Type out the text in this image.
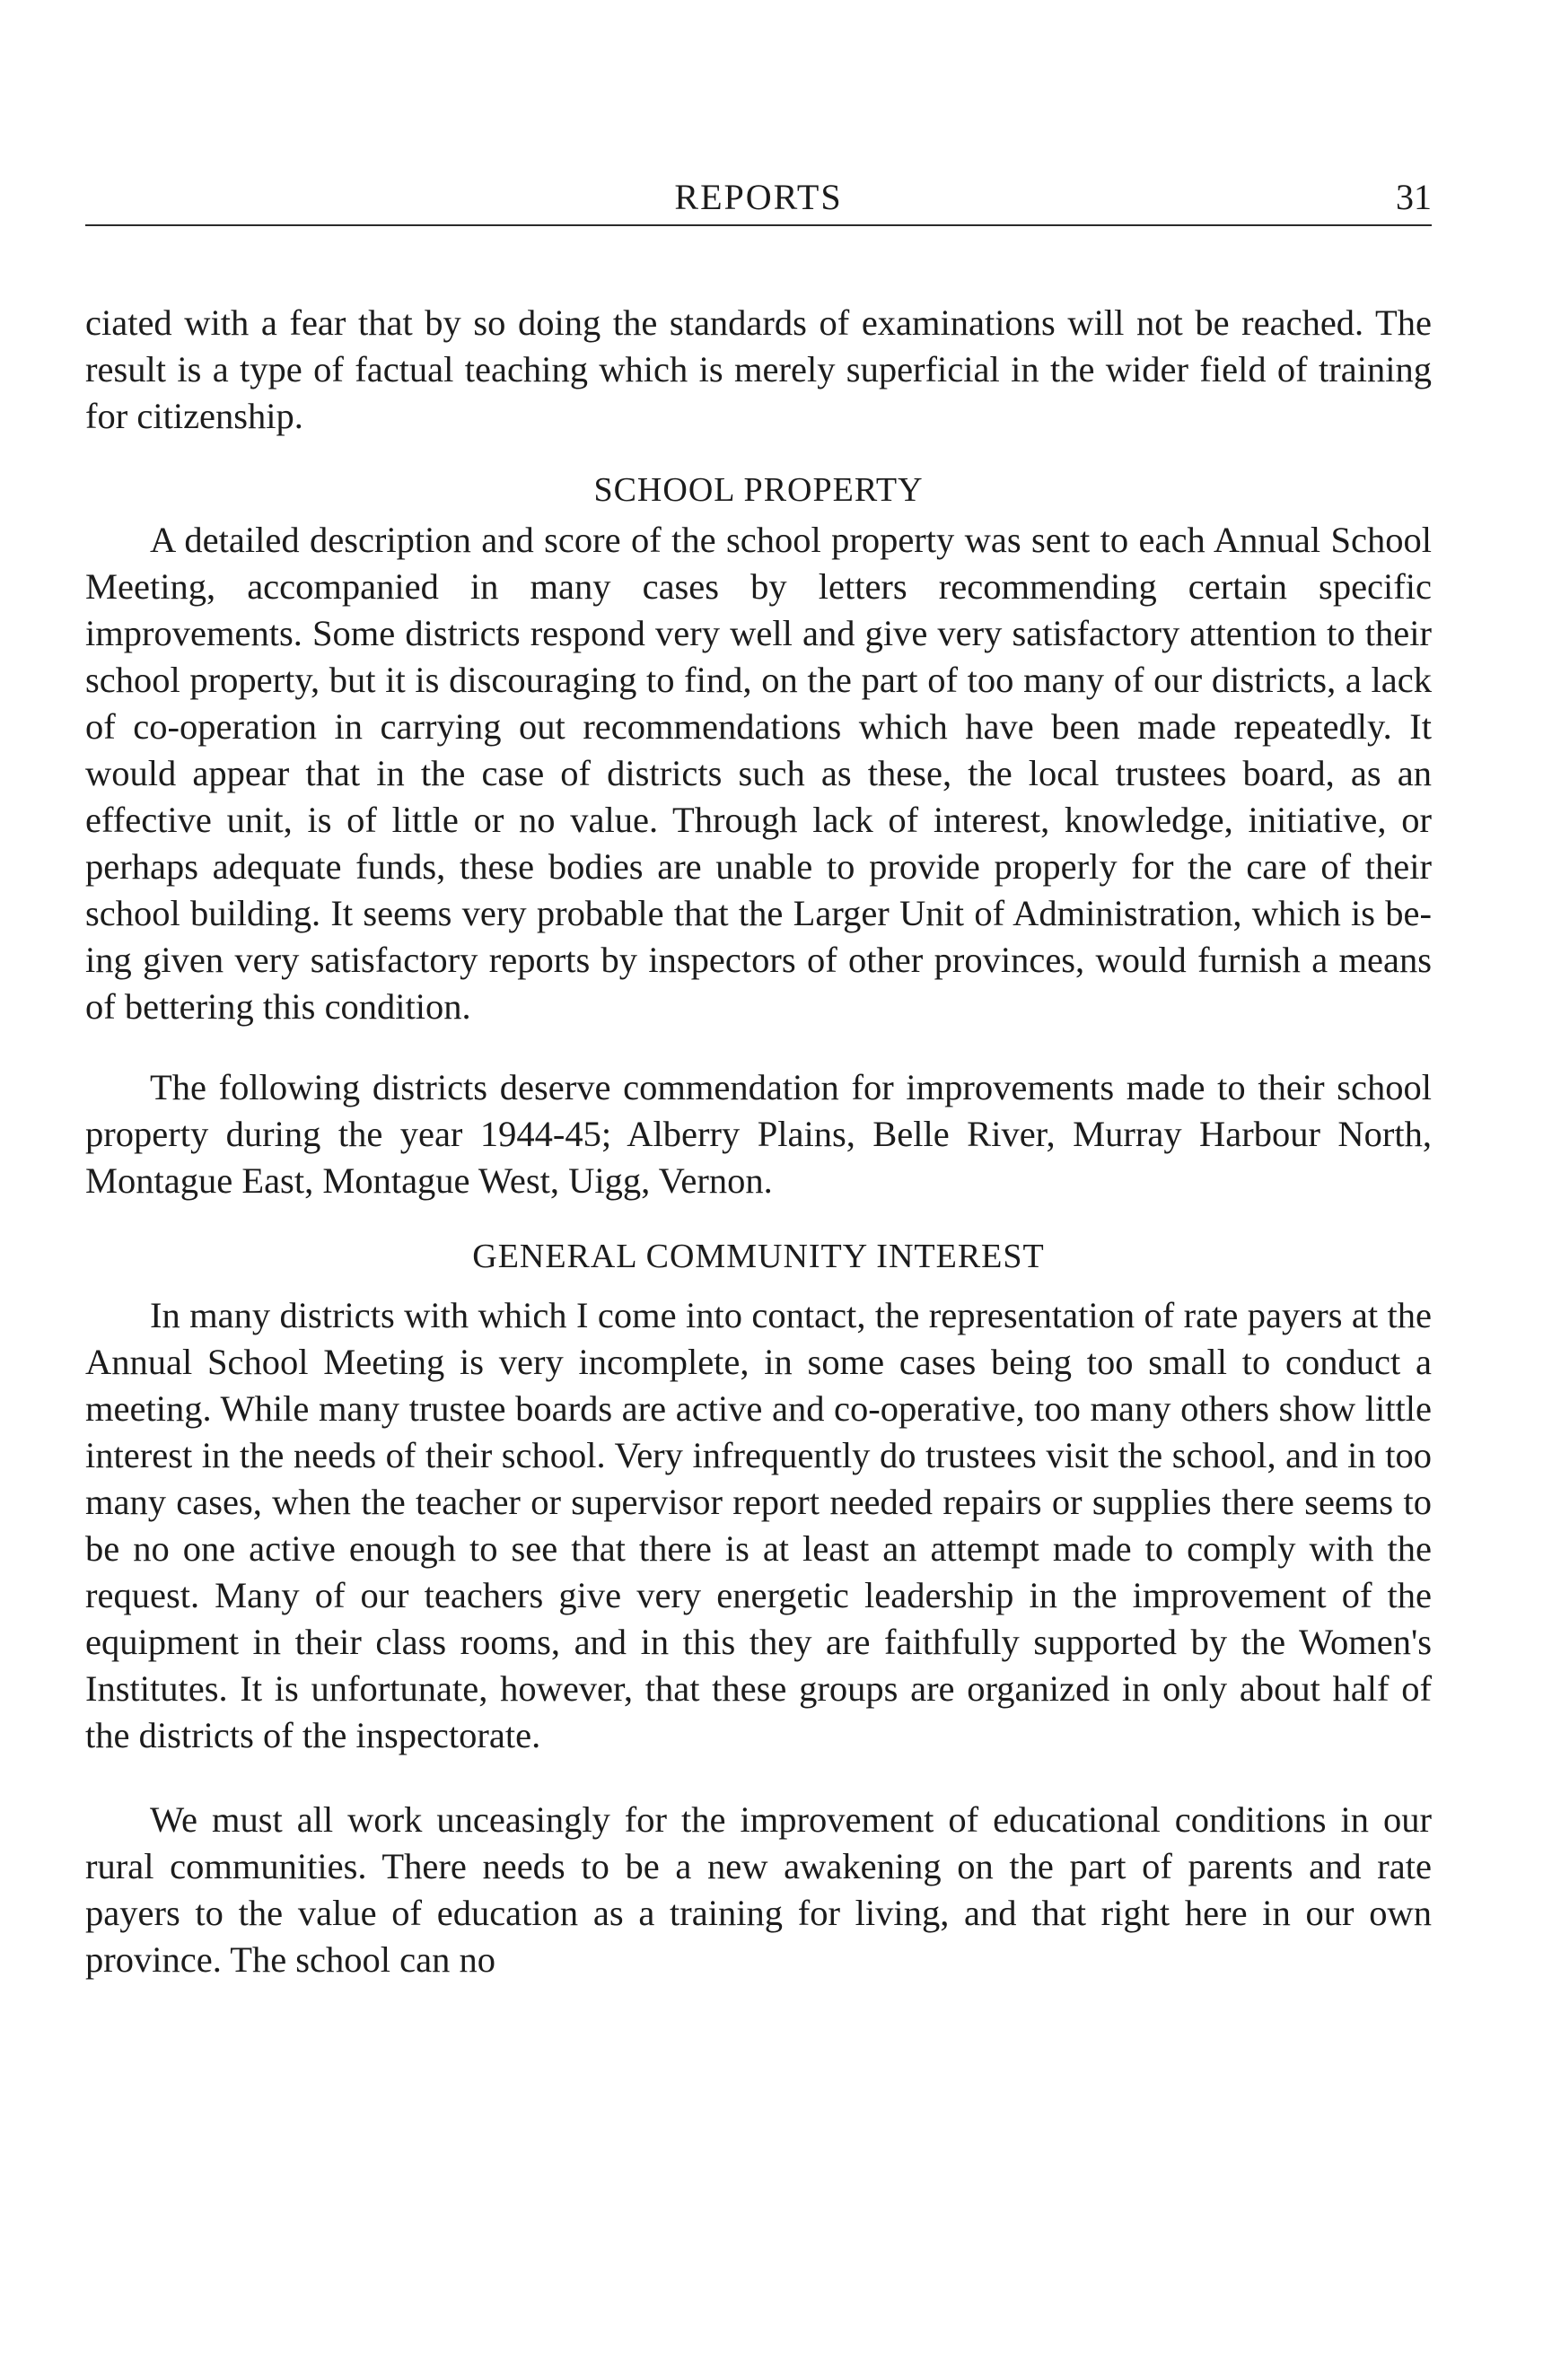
REPORTS	31

ciated with a fear that by so doing the standards of examinations will not be reached. The result is a type of factual teaching which is merely superficial in the wider field of training for citizenship.

SCHOOL PROPERTY

A detailed description and score of the school property was sent to each Annual School Meeting, accompanied in many cases by letters recommending certain specific improvements. Some districts respond very well and give very satisfactory attention to their school property, but it is discouraging to find, on the part of too many of our districts, a lack of co-operation in carrying out recommendations which have been made repeatedly. It would appear that in the case of districts such as these, the local trustees board, as an effective unit, is of little or no value. Through lack of interest, knowledge, initiative, or perhaps adequate funds, these bodies are unable to provide properly for the care of their school building. It seems very probable that the Larger Unit of Administration, which is being given very satisfactory reports by inspectors of other provinces, would furnish a means of bettering this condition.

The following districts deserve commendation for improvements made to their school property during the year 1944-45; Alberry Plains, Belle River, Murray Harbour North, Montague East, Montague West, Uigg, Vernon.

GENERAL COMMUNITY INTEREST

In many districts with which I come into contact, the representation of rate payers at the Annual School Meeting is very incomplete, in some cases being too small to conduct a meeting. While many trustee boards are active and co-operative, too many others show little interest in the needs of their school. Very infrequently do trustees visit the school, and in too many cases, when the teacher or supervisor report needed repairs or supplies there seems to be no one active enough to see that there is at least an attempt made to comply with the request. Many of our teachers give very energetic leadership in the improvement of the equipment in their class rooms, and in this they are faithfully supported by the Women's Institutes. It is unfortunate, however, that these groups are organized in only about half of the districts of the inspectorate.

We must all work unceasingly for the improvement of educational conditions in our rural communities. There needs to be a new awakening on the part of parents and rate payers to the value of education as a training for living, and that right here in our own province. The school can no
